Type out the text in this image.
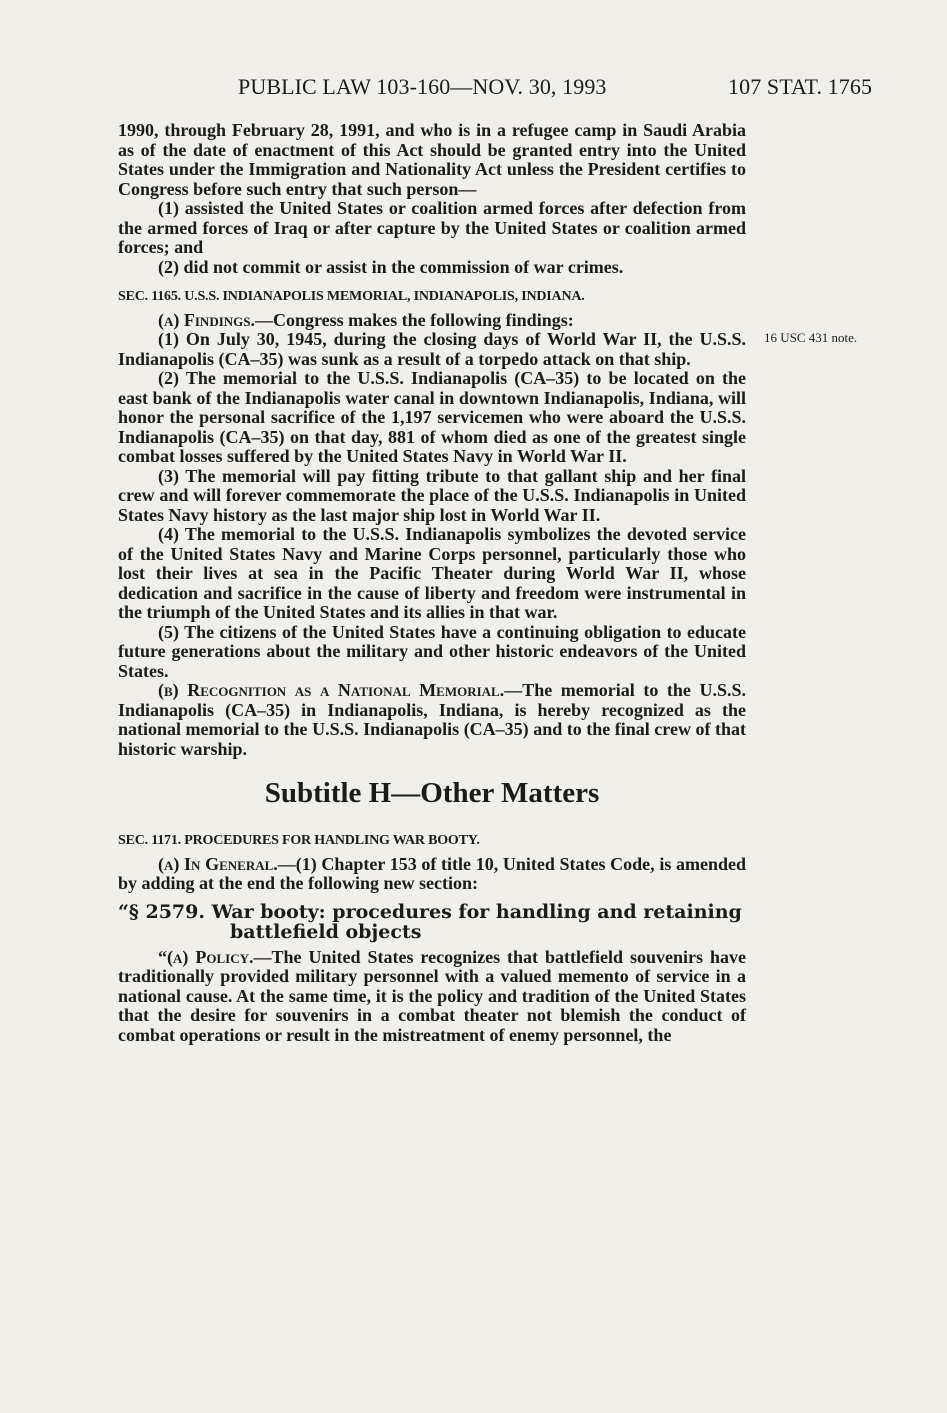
PUBLIC LAW 103-160—NOV. 30, 1993	107 STAT. 1765
16 USC 431 note.

1990, through February 28, 1991, and who is in a refugee camp in Saudi Arabia as of the date of enactment of this Act should be granted entry into the United States under the Immigration and Nationality Act unless the President certifies to Congress before such entry that such person—

(1) assisted the United States or coalition armed forces after defection from the armed forces of Iraq or after capture by the United States or coalition armed forces; and

(2) did not commit or assist in the commission of war crimes.

SEC. 1165. U.S.S. INDIANAPOLIS MEMORIAL, INDIANAPOLIS, INDIANA.

(a) Findings.—Congress makes the following findings:

(1) On July 30, 1945, during the closing days of World War II, the U.S.S. Indianapolis (CA–35) was sunk as a result of a torpedo attack on that ship.

(2) The memorial to the U.S.S. Indianapolis (CA–35) to be located on the east bank of the Indianapolis water canal in downtown Indianapolis, Indiana, will honor the personal sacrifice of the 1,197 servicemen who were aboard the U.S.S. Indianapolis (CA–35) on that day, 881 of whom died as one of the greatest single combat losses suffered by the United States Navy in World War II.

(3) The memorial will pay fitting tribute to that gallant ship and her final crew and will forever commemorate the place of the U.S.S. Indianapolis in United States Navy history as the last major ship lost in World War II.

(4) The memorial to the U.S.S. Indianapolis symbolizes the devoted service of the United States Navy and Marine Corps personnel, particularly those who lost their lives at sea in the Pacific Theater during World War II, whose dedication and sacrifice in the cause of liberty and freedom were instrumental in the triumph of the United States and its allies in that war.

(5) The citizens of the United States have a continuing obligation to educate future generations about the military and other historic endeavors of the United States.

(b) Recognition as a National Memorial.—The memorial to the U.S.S. Indianapolis (CA–35) in Indianapolis, Indiana, is hereby recognized as the national memorial to the U.S.S. Indianapolis (CA–35) and to the final crew of that historic warship.

Subtitle H—Other Matters

SEC. 1171. PROCEDURES FOR HANDLING WAR BOOTY.

(a) In General.—(1) Chapter 153 of title 10, United States Code, is amended by adding at the end the following new section:

“§ 2579. War booty: procedures for handling and retaining
battlefield objects

“(a) Policy.—The United States recognizes that battlefield souvenirs have traditionally provided military personnel with a valued memento of service in a national cause. At the same time, it is the policy and tradition of the United States that the desire for souvenirs in a combat theater not blemish the conduct of combat operations or result in the mistreatment of enemy personnel, the
